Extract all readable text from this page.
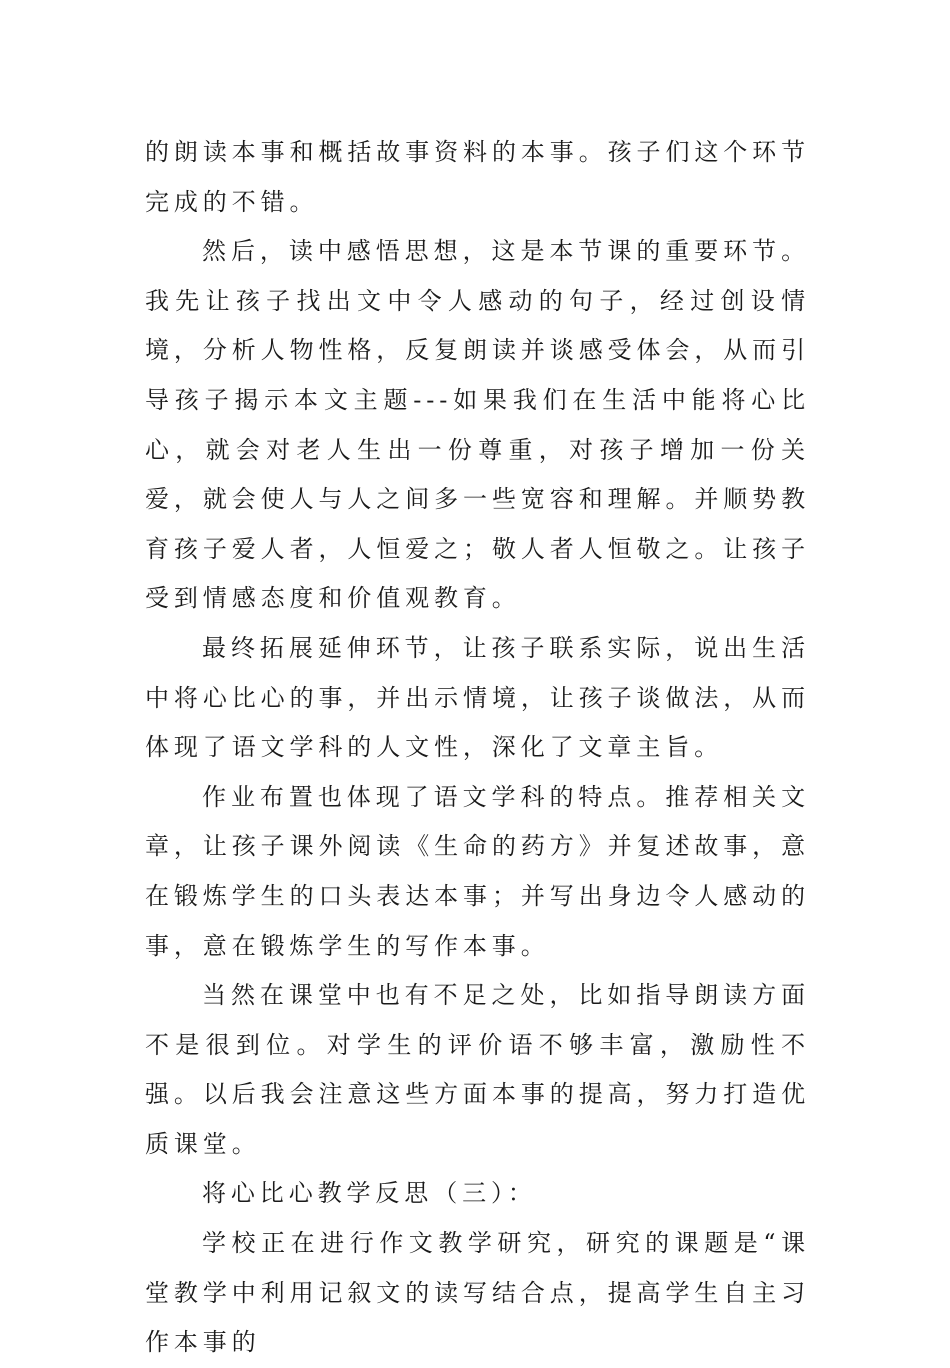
的朗读本事和概括故事资料的本事。孩子们这个环节完成的不错。

然后，读中感悟思想，这是本节课的重要环节。我先让孩子找出文中令人感动的句子，经过创设情境，分析人物性格，反复朗读并谈感受体会，从而引导孩子揭示本文主题---如果我们在生活中能将心比心，就会对老人生出一份尊重，对孩子增加一份关爱，就会使人与人之间多一些宽容和理解。并顺势教育孩子爱人者，人恒爱之；敬人者人恒敬之。让孩子受到情感态度和价值观教育。

最终拓展延伸环节，让孩子联系实际，说出生活中将心比心的事，并出示情境，让孩子谈做法，从而体现了语文学科的人文性，深化了文章主旨。

作业布置也体现了语文学科的特点。推荐相关文章，让孩子课外阅读《生命的药方》并复述故事，意在锻炼学生的口头表达本事；并写出身边令人感动的事，意在锻炼学生的写作本事。

当然在课堂中也有不足之处，比如指导朗读方面不是很到位。对学生的评价语不够丰富，激励性不强。以后我会注意这些方面本事的提高，努力打造优质课堂。

将心比心教学反思（三）：

学校正在进行作文教学研究，研究的课题是“课堂教学中利用记叙文的读写结合点，提高学生自主习作本事的
